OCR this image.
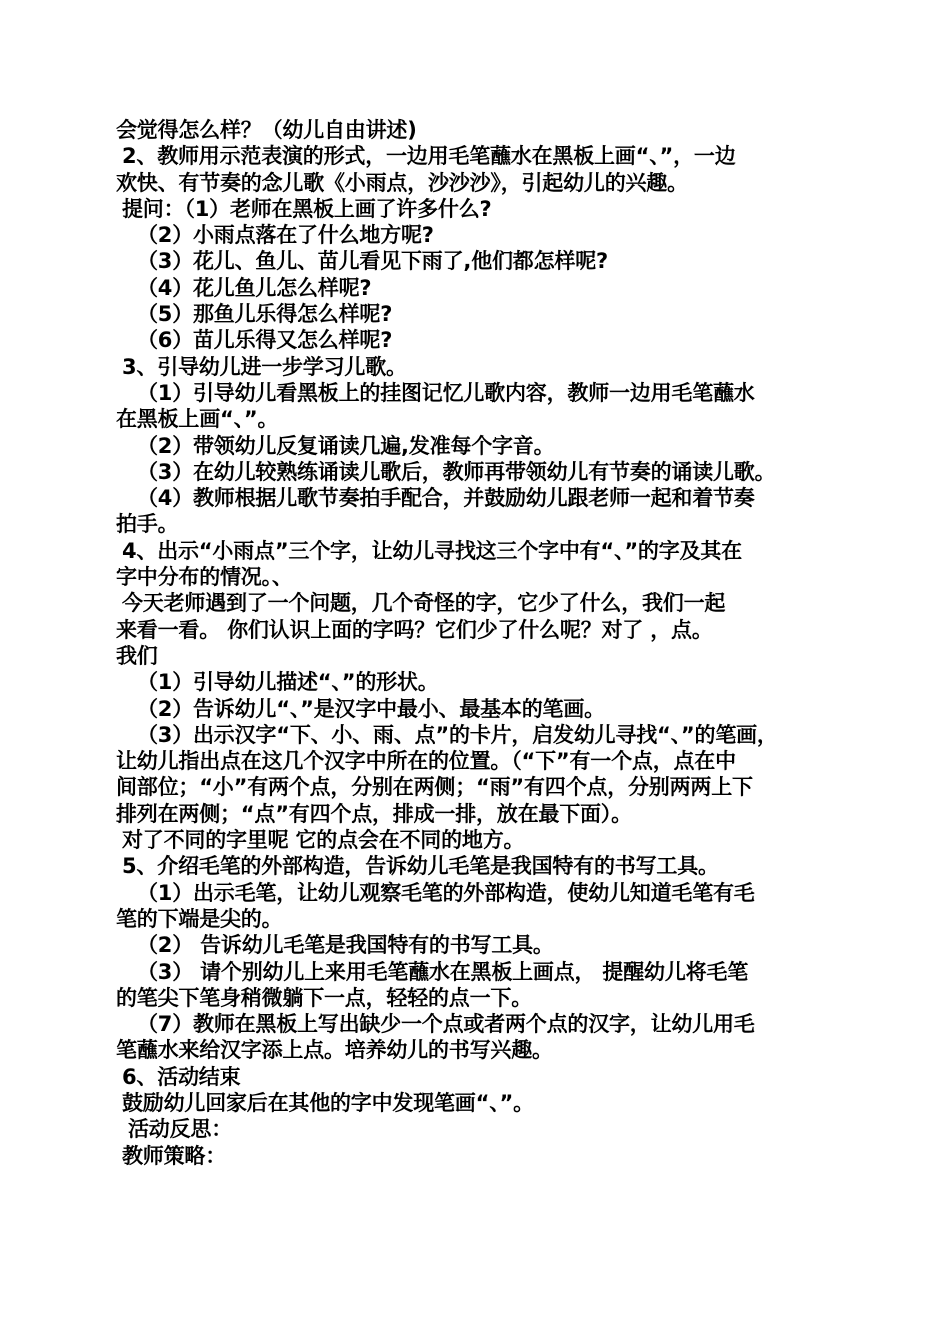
会觉得怎么样？（幼儿自由讲述)
2、教师用示范表演的形式，一边用毛笔蘸水在黑板上画“、”，一边
欢快、有节奏的念儿歌《小雨点，沙沙沙》，引起幼儿的兴趣。
提问：（1）老师在黑板上画了许多什么?
（2）小雨点落在了什么地方呢?
（3）花儿、鱼儿、苗儿看见下雨了,他们都怎样呢?
（4）花儿鱼儿怎么样呢?
（5）那鱼儿乐得怎么样呢?
（6）苗儿乐得又怎么样呢?
3、引导幼儿进一步学习儿歌。
（1）引导幼儿看黑板上的挂图记忆儿歌内容，教师一边用毛笔蘸水
在黑板上画“、”。
（2）带领幼儿反复诵读几遍,发准每个字音。
（3）在幼儿较熟练诵读儿歌后，教师再带领幼儿有节奏的诵读儿歌。
（4）教师根据儿歌节奏拍手配合，并鼓励幼儿跟老师一起和着节奏
拍手。
4、出示“小雨点”三个字，让幼儿寻找这三个字中有“、”的字及其在
字中分布的情况。、
今天老师遇到了一个问题，几个奇怪的字，它少了什么，我们一起
来看一看。 你们认识上面的字吗？它们少了什么呢？对了 ，点。
我们
（1）引导幼儿描述“、”的形状。
（2）告诉幼儿“、”是汉字中最小、最基本的笔画。
（3）出示汉字“下、小、雨、点”的卡片，启发幼儿寻找“、”的笔画，
让幼儿指出点在这几个汉字中所在的位置。（“下”有一个点，点在中
间部位；“小”有两个点，分别在两侧；“雨”有四个点，分别两两上下
排列在两侧；“点”有四个点，排成一排，放在最下面）。
对了不同的字里呢 它的点会在不同的地方。
5、介绍毛笔的外部构造，告诉幼儿毛笔是我国特有的书写工具。
（1）出示毛笔，让幼儿观察毛笔的外部构造，使幼儿知道毛笔有毛
笔的下端是尖的。
（2） 告诉幼儿毛笔是我国特有的书写工具。
（3） 请个别幼儿上来用毛笔蘸水在黑板上画点， 提醒幼儿将毛笔
的笔尖下笔身稍微躺下一点，轻轻的点一下。
（7）教师在黑板上写出缺少一个点或者两个点的汉字，让幼儿用毛
笔蘸水来给汉字添上点。培养幼儿的书写兴趣。
6、活动结束
鼓励幼儿回家后在其他的字中发现笔画“、”。
活动反思：
教师策略：
